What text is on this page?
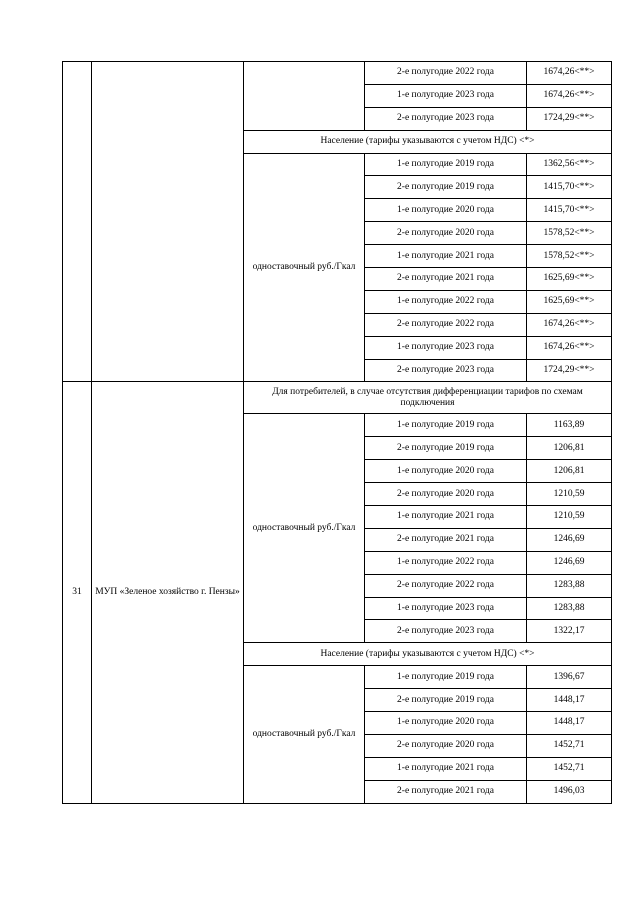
			2-е полугодие 2022 года	1674,26<**>
			1-е полугодие 2023 года	1674,26<**>
			2-е полугодие 2023 года	1724,29<**>
		Население (тарифы указываются с учетом НДС) <*>		
		одноставочный руб./Гкал	1-е полугодие 2019 года	1362,56<**>
			2-е полугодие 2019 года	1415,70<**>
			1-е полугодие 2020 года	1415,70<**>
			2-е полугодие 2020 года	1578,52<**>
			1-е полугодие 2021 года	1578,52<**>
			2-е полугодие 2021 года	1625,69<**>
			1-е полугодие 2022 года	1625,69<**>
			2-е полугодие 2022 года	1674,26<**>
			1-е полугодие 2023 года	1674,26<**>
			2-е полугодие 2023 года	1724,29<**>
31	МУП «Зеленое хозяйство г. Пензы»	Для потребителей, в случае отсутствия дифференциации тарифов по схемам подключения		
		одноставочный руб./Гкал	1-е полугодие 2019 года	1163,89
			2-е полугодие 2019 года	1206,81
			1-е полугодие 2020 года	1206,81
			2-е полугодие 2020 года	1210,59
			1-е полугодие 2021 года	1210,59
			2-е полугодие 2021 года	1246,69
			1-е полугодие 2022 года	1246,69
			2-е полугодие 2022 года	1283,88
			1-е полугодие 2023 года	1283,88
			2-е полугодие 2023 года	1322,17
		Население (тарифы указываются с учетом НДС) <*>		
		одноставочный руб./Гкал	1-е полугодие 2019 года	1396,67
			2-е полугодие 2019 года	1448,17
			1-е полугодие 2020 года	1448,17
			2-е полугодие 2020 года	1452,71
			1-е полугодие 2021 года	1452,71
			2-е полугодие 2021 года	1496,03
